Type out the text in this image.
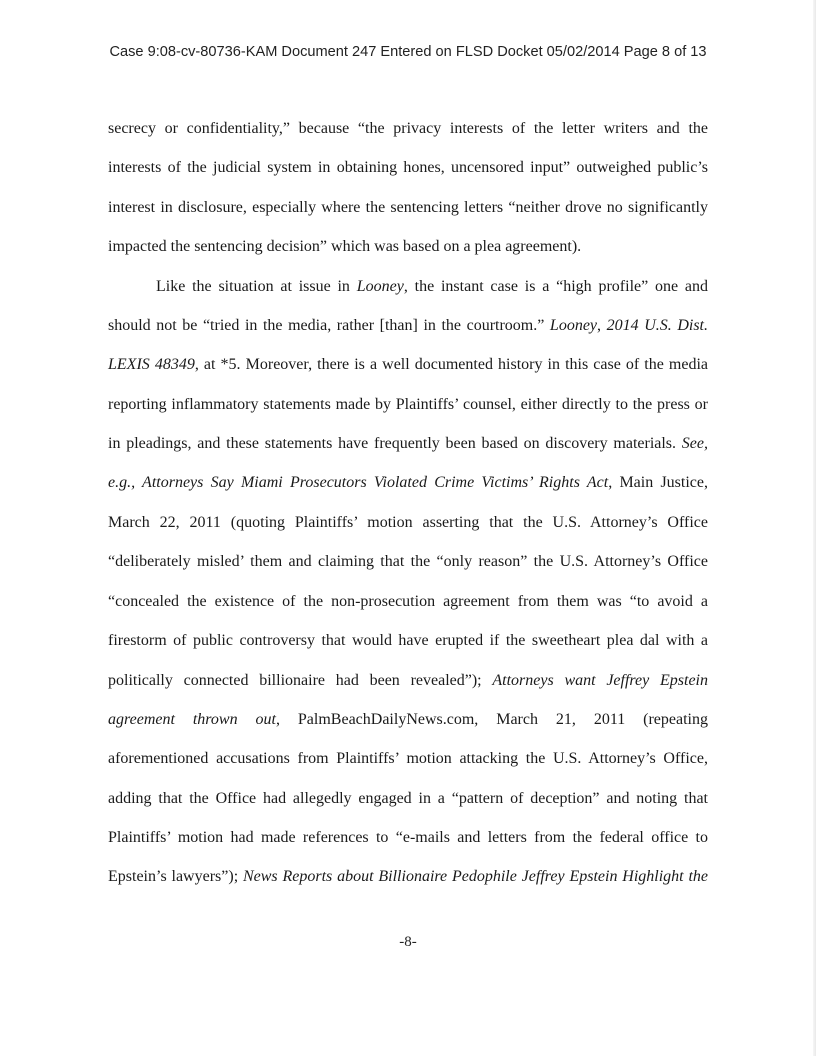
Case 9:08-cv-80736-KAM Document 247 Entered on FLSD Docket 05/02/2014 Page 8 of 13
secrecy or confidentiality,” because “the privacy interests of the letter writers and the
interests of the judicial system in obtaining hones, uncensored input” outweighed public’s
interest in disclosure, especially where the sentencing letters “neither drove no significantly
impacted the sentencing decision” which was based on a plea agreement).
Like the situation at issue in Looney, the instant case is a “high profile” one and
should not be “tried in the media, rather [than] in the courtroom.” Looney, 2014 U.S. Dist.
LEXIS 48349, at *5. Moreover, there is a well documented history in this case of the media
reporting inflammatory statements made by Plaintiffs’ counsel, either directly to the press or
in pleadings, and these statements have frequently been based on discovery materials. See,
e.g., Attorneys Say Miami Prosecutors Violated Crime Victims’ Rights Act, Main Justice,
March 22, 2011 (quoting Plaintiffs’ motion asserting that the U.S. Attorney’s Office
“deliberately misled’ them and claiming that the “only reason” the U.S. Attorney’s Office
“concealed the existence of the non-prosecution agreement from them was “to avoid a
firestorm of public controversy that would have erupted if the sweetheart plea dal with a
politically connected billionaire had been revealed”); Attorneys want Jeffrey Epstein
agreement thrown out, PalmBeachDailyNews.com, March 21, 2011 (repeating
aforementioned accusations from Plaintiffs’ motion attacking the U.S. Attorney’s Office,
adding that the Office had allegedly engaged in a “pattern of deception” and noting that
Plaintiffs’ motion had made references to “e-mails and letters from the federal office to
Epstein’s lawyers”); News Reports about Billionaire Pedophile Jeffrey Epstein Highlight the
-8-
